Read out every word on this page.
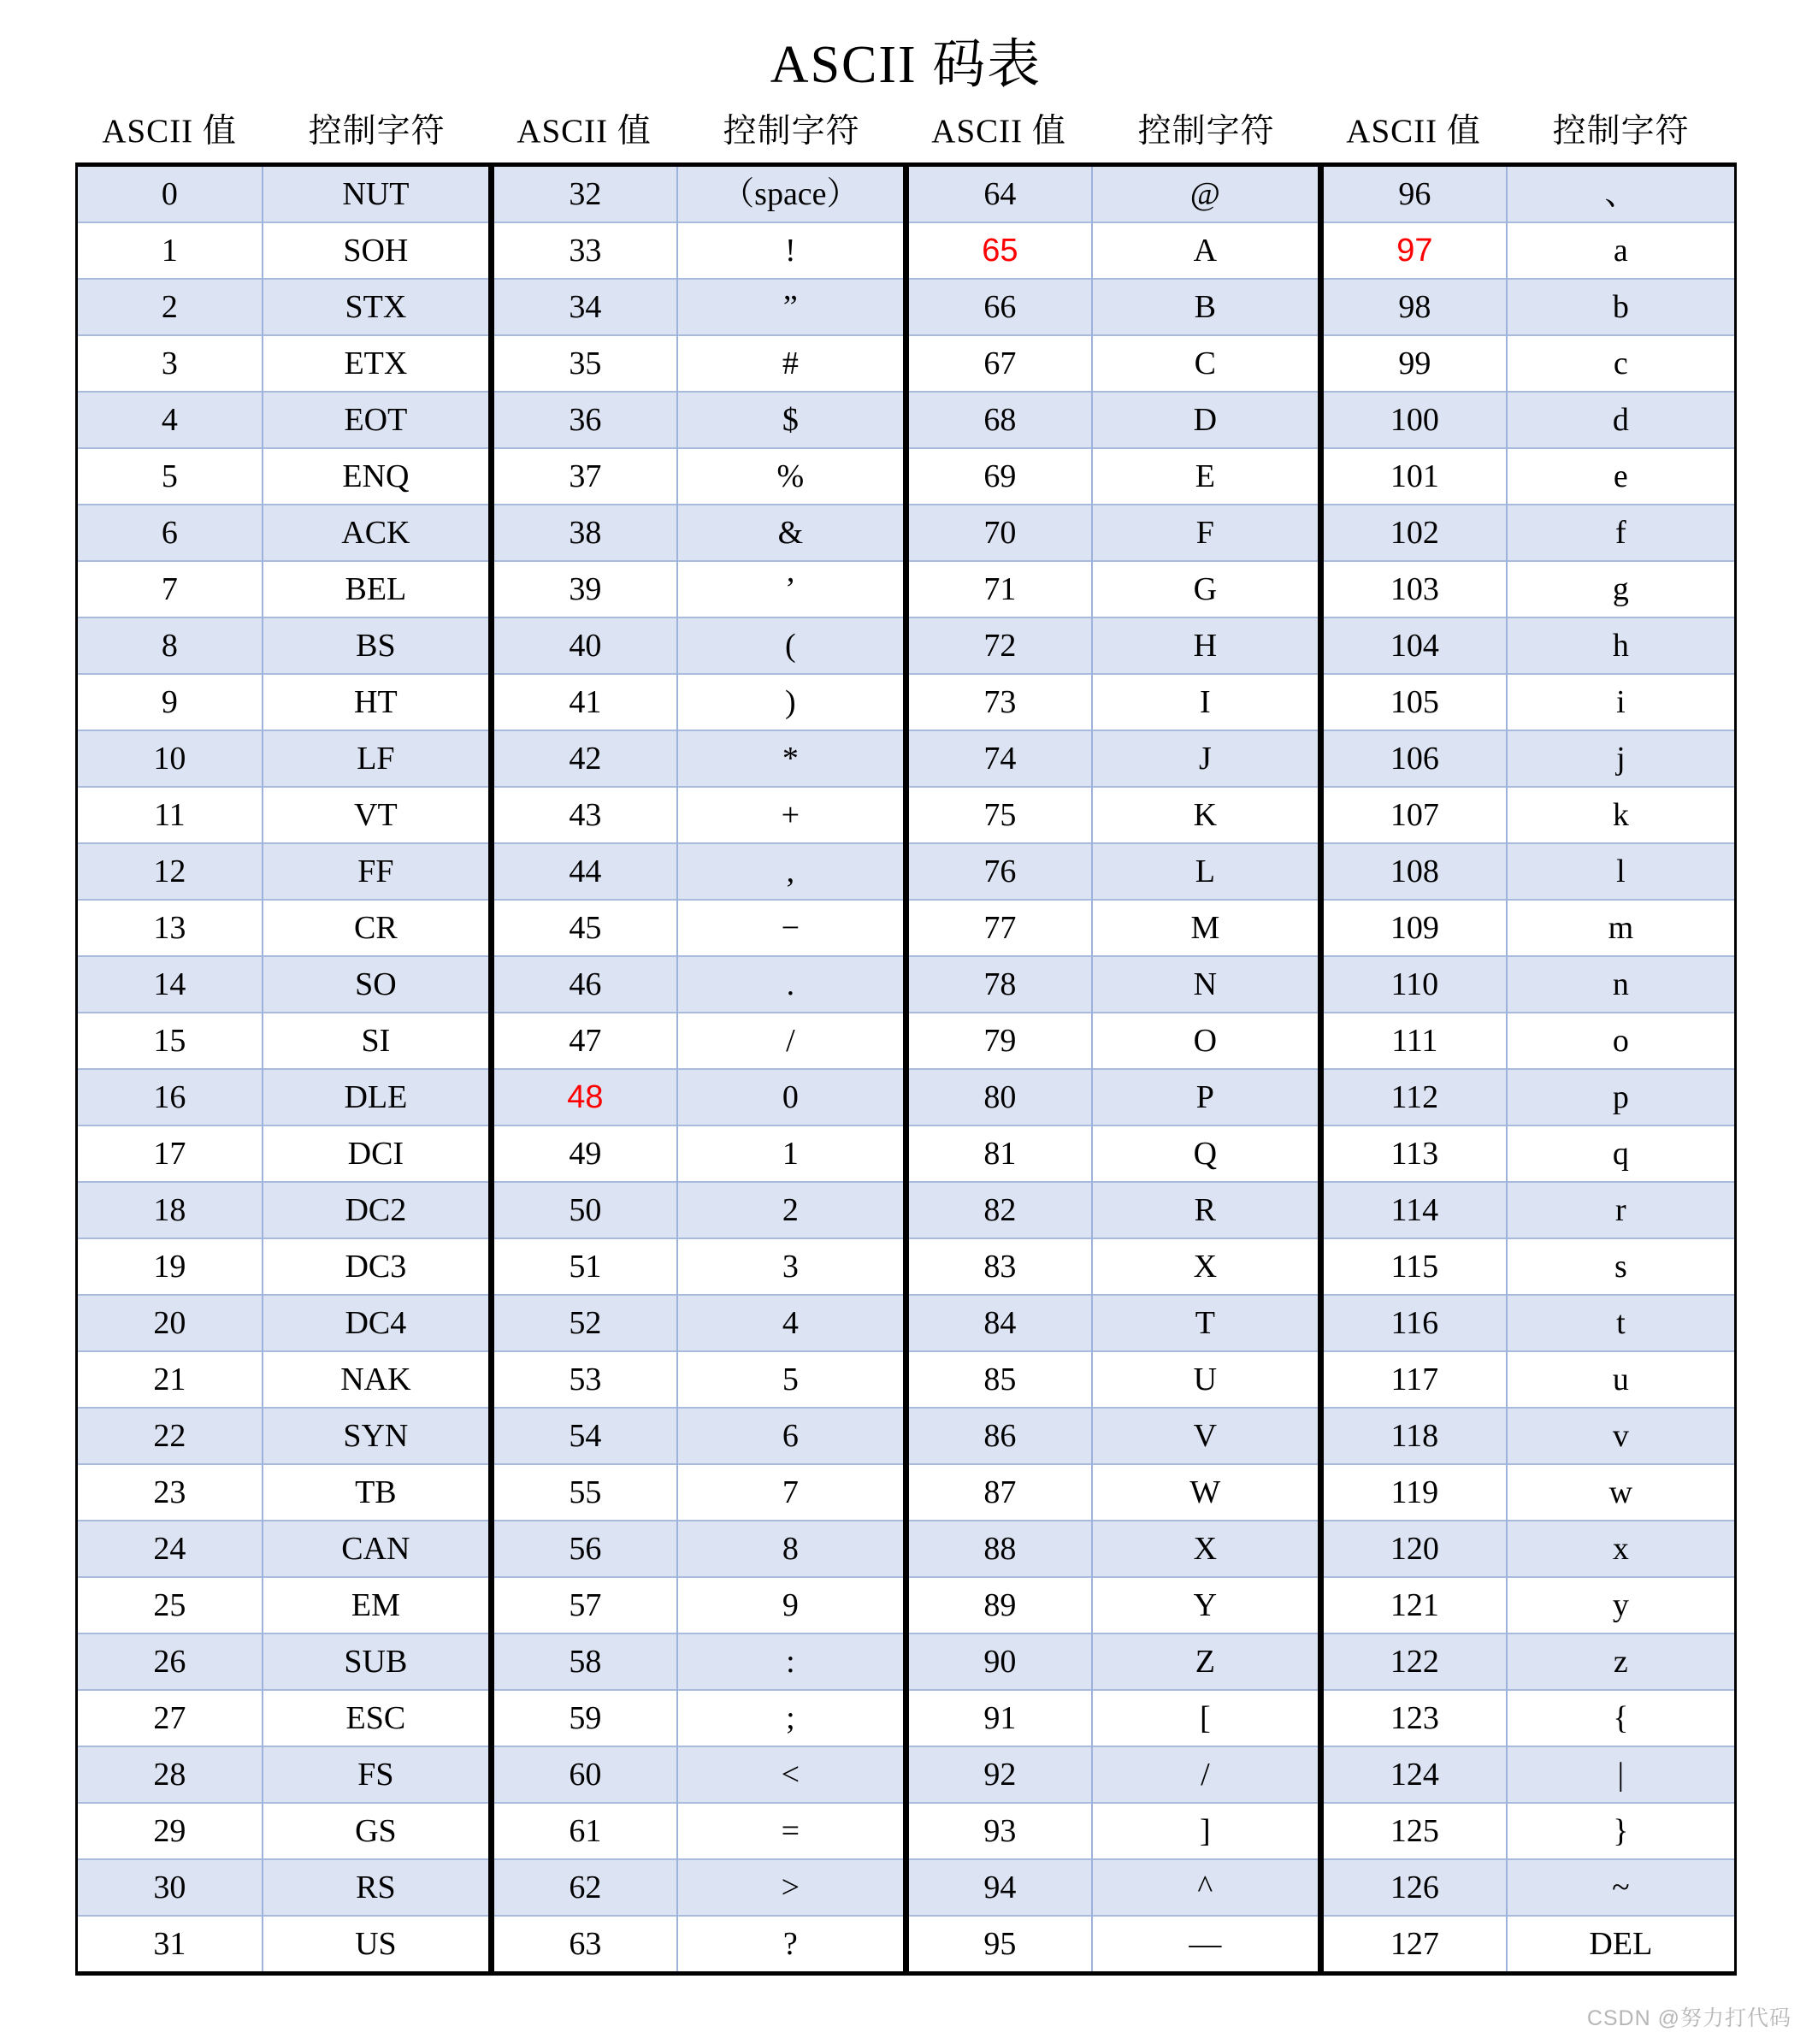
ASCII 码表
ASCII 值	控制字符	ASCII 值	控制字符	ASCII 值	控制字符	ASCII 值	控制字符
0	NUT	32	（space）	64	@	96	、
1	SOH	33	!	65	A	97	a
2	STX	34	”	66	B	98	b
3	ETX	35	#	67	C	99	c
4	EOT	36	$	68	D	100	d
5	ENQ	37	%	69	E	101	e
6	ACK	38	&	70	F	102	f
7	BEL	39	’	71	G	103	g
8	BS	40	(	72	H	104	h
9	HT	41	)	73	I	105	i
10	LF	42	*	74	J	106	j
11	VT	43	+	75	K	107	k
12	FF	44	,	76	L	108	l
13	CR	45	−	77	M	109	m
14	SO	46	.	78	N	110	n
15	SI	47	/	79	O	111	o
16	DLE	48	0	80	P	112	p
17	DCI	49	1	81	Q	113	q
18	DC2	50	2	82	R	114	r
19	DC3	51	3	83	X	115	s
20	DC4	52	4	84	T	116	t
21	NAK	53	5	85	U	117	u
22	SYN	54	6	86	V	118	v
23	TB	55	7	87	W	119	w
24	CAN	56	8	88	X	120	x
25	EM	57	9	89	Y	121	y
26	SUB	58	:	90	Z	122	z
27	ESC	59	;	91	[	123	{
28	FS	60	<	92	/	124	|
29	GS	61	=	93	]	125	}
30	RS	62	>	94	^	126	~
31	US	63	?	95	—	127	DEL
CSDN @努力打代码
